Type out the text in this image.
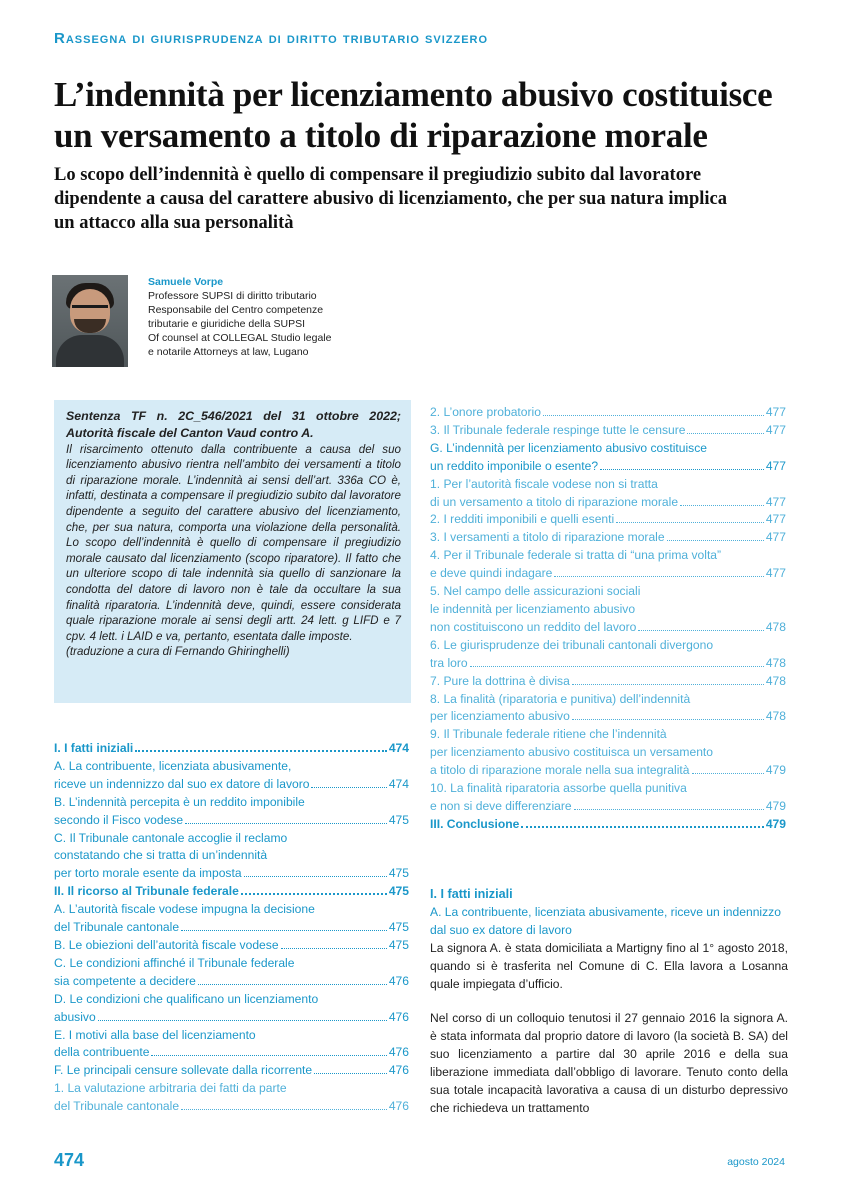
Rassegna di giurisprudenza di diritto tributario svizzero
L’indennità per licenziamento abusivo costituisce
un versamento a titolo di riparazione morale

Lo scopo dell’indennità è quello di compensare il pregiudizio subito dal lavoratore
dipendente a causa del carattere abusivo di licenziamento, che per sua natura implica
un attacco alla sua personalità

Samuele Vorpe
Professore SUPSI di diritto tributario
Responsabile del Centro competenze
tributarie e giuridiche della SUPSI
Of counsel at COLLEGAL Studio legale
e notarile Attorneys at law, Lugano

Sentenza TF n. 2C_546/2021 del 31 ottobre 2022; Autorità fiscale del Canton Vaud contro A.

Il risarcimento ottenuto dalla contribuente a causa del suo licenziamento abusivo rientra nell’ambito dei versamenti a titolo di riparazione morale. L’indennità ai sensi dell’art. 336a CO è, infatti, destinata a compensare il pregiudizio subito dal lavoratore dipendente a seguito del carattere abusivo del licenziamento, che, per sua natura, comporta una violazione della personalità. Lo scopo dell’indennità è quello di compensare il pregiudizio morale causato dal licenziamento (scopo riparatore). Il fatto che un ulteriore scopo di tale indennità sia quello di sanzionare la condotta del datore di lavoro non è tale da occultare la sua finalità riparatoria. L’indennità deve, quindi, essere considerata quale riparazione morale ai sensi degli artt. 24 lett. g LIFD e 7 cpv. 4 lett. i LAID e va, pertanto, esentata dalle imposte.

(traduzione a cura di Fernando Ghiringhelli)

I. I fatti iniziali	474
A. La contribuente, licenziata abusivamente,
riceve un indennizzo dal suo ex datore di lavoro	474
B. L’indennità percepita è un reddito imponibile
secondo il Fisco vodese	475
C. Il Tribunale cantonale accoglie il reclamo
constatando che si tratta di un’indennità
per torto morale esente da imposta	475
II. Il ricorso al Tribunale federale	475
A. L’autorità fiscale vodese impugna la decisione
del Tribunale cantonale	475
B. Le obiezioni dell’autorità fiscale vodese	475
C. Le condizioni affinché il Tribunale federale
sia competente a decidere	476
D. Le condizioni che qualificano un licenziamento
abusivo	476
E. I motivi alla base del licenziamento
della contribuente	476
F. Le principali censure sollevate dalla ricorrente	476
1. La valutazione arbitraria dei fatti da parte
del Tribunale cantonale	476
2. L’onore probatorio	477
3. Il Tribunale federale respinge tutte le censure	477
G. L’indennità per licenziamento abusivo costituisce
un reddito imponibile o esente?	477
1. Per l’autorità fiscale vodese non si tratta
di un versamento a titolo di riparazione morale	477
2. I redditi imponibili e quelli esenti	477
3. I versamenti a titolo di riparazione morale	477
4. Per il Tribunale federale si tratta di “una prima volta”
e deve quindi indagare	477
5. Nel campo delle assicurazioni sociali
le indennità per licenziamento abusivo
non costituiscono un reddito del lavoro	478
6. Le giurisprudenze dei tribunali cantonali divergono
tra loro	478
7. Pure la dottrina è divisa	478
8. La finalità (riparatoria e punitiva) dell’indennità
per licenziamento abusivo	478
9. Il Tribunale federale ritiene che l’indennità
per licenziamento abusivo costituisca un versamento
a titolo di riparazione morale nella sua integralità	479
10. La finalità riparatoria assorbe quella punitiva
e non si deve differenziare	479
III. Conclusione	479
I. I fatti iniziali
A. La contribuente, licenziata abusivamente, riceve un indennizzo dal suo ex datore di lavoro

La signora A. è stata domiciliata a Martigny fino al 1° agosto 2018, quando si è trasferita nel Comune di C. Ella lavora a Losanna quale impiegata d’ufficio.

Nel corso di un colloquio tenutosi il 27 gennaio 2016 la signora A. è stata informata dal proprio datore di lavoro (la società B. SA) del suo licenziamento a partire dal 30 aprile 2016 e della sua liberazione immediata dall’obbligo di lavorare. Tenuto conto della sua totale incapacità lavorativa a causa di un disturbo depressivo che richiedeva un trattamento

474	agosto 2024
